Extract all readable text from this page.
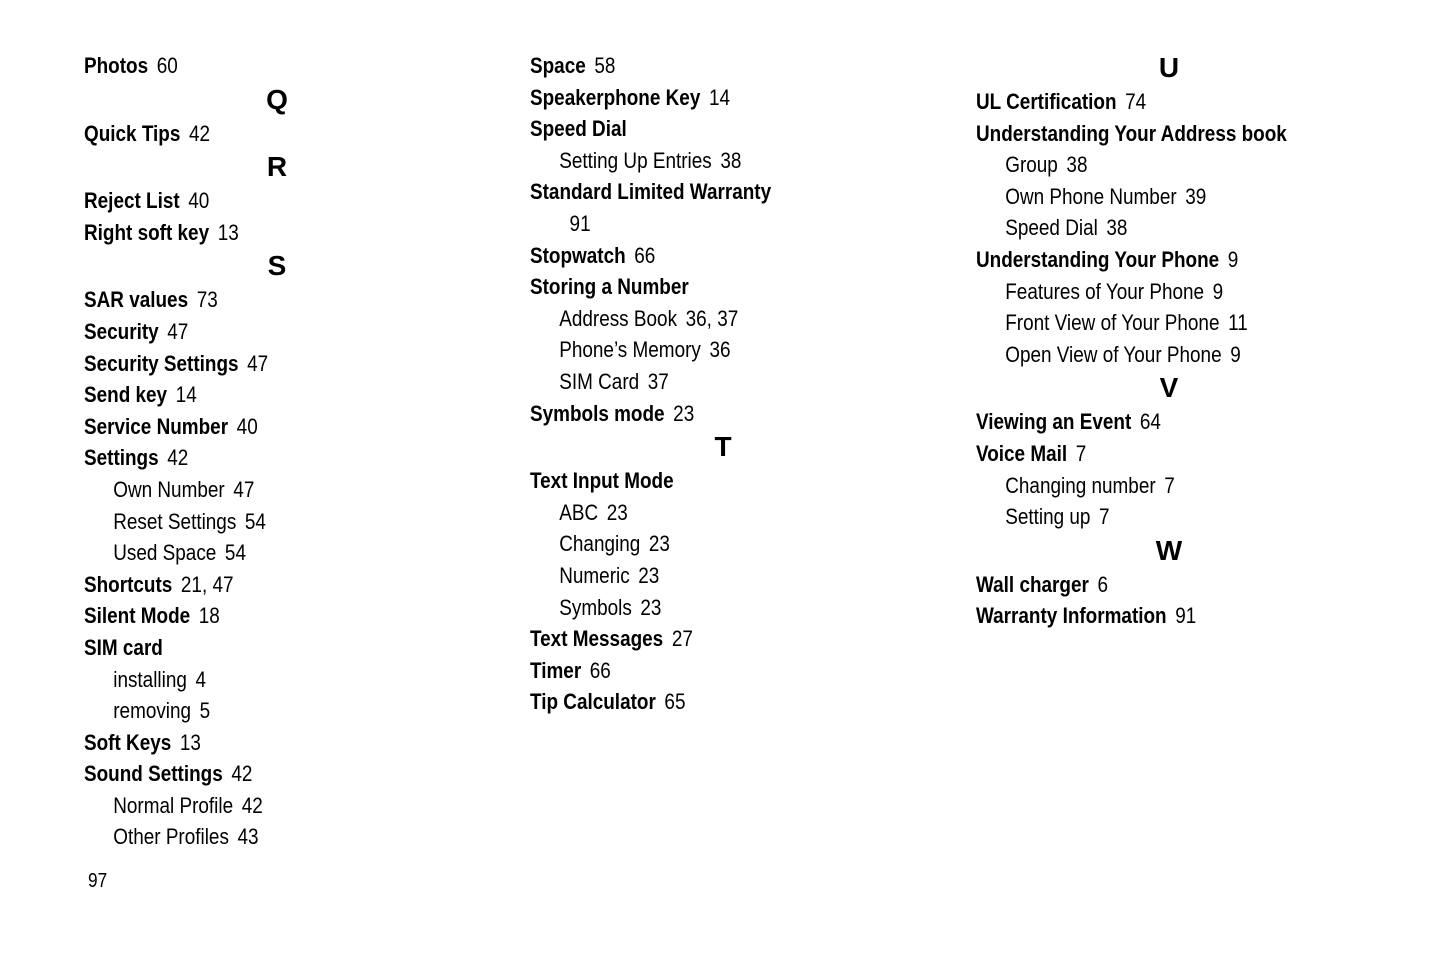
Photos 60
Q
Quick Tips 42
R
Reject List 40
Right soft key 13
S
SAR values 73
Security 47
Security Settings 47
Send key 14
Service Number 40
Settings 42
Own Number 47
Reset Settings 54
Used Space 54
Shortcuts 21, 47
Silent Mode 18
SIM card
installing 4
removing 5
Soft Keys 13
Sound Settings 42
Normal Profile 42
Other Profiles 43
Space 58
Speakerphone Key 14
Speed Dial
Setting Up Entries 38
Standard Limited Warranty
91
Stopwatch 66
Storing a Number
Address Book 36, 37
Phone’s Memory 36
SIM Card 37
Symbols mode 23
T
Text Input Mode
ABC 23
Changing 23
Numeric 23
Symbols 23
Text Messages 27
Timer 66
Tip Calculator 65
U
UL Certification 74
Understanding Your Address book
Group 38
Own Phone Number 39
Speed Dial 38
Understanding Your Phone 9
Features of Your Phone 9
Front View of Your Phone 11
Open View of Your Phone 9
V
Viewing an Event 64
Voice Mail 7
Changing number 7
Setting up 7
W
Wall charger 6
Warranty Information 91
97
